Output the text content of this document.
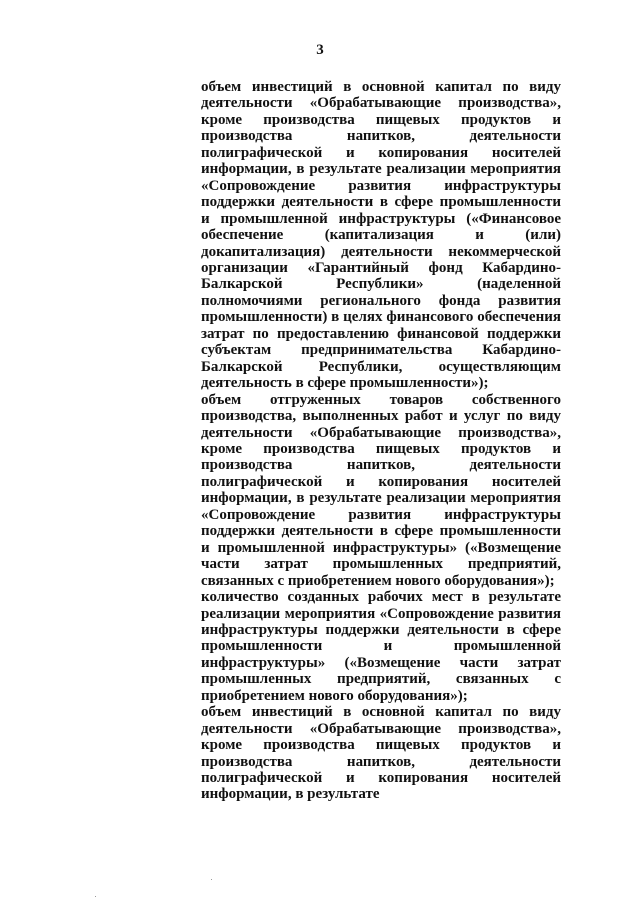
3

объем инвестиций в основной капитал по виду деятельности «Обрабатывающие производства», кроме производства пищевых продуктов и производства напитков, деятельности полиграфической и копирования носителей информации, в результате реализации мероприятия «Сопровождение развития инфраструктуры поддержки деятельности в сфере промышленности и промышленной инфраструктуры («Финансовое обеспечение (капитализация и (или) докапитализация) деятельности некоммерческой организации «Гарантийный фонд Кабардино-Балкарской Республики» (наделенной полномочиями регионального фонда развития промышленности) в целях финансового обеспечения затрат по предоставлению финансовой поддержки субъектам предпринимательства Кабардино-Балкарской Республики, осуществляющим деятельность в сфере промышленности»);

объем отгруженных товаров собственного производства, выполненных работ и услуг по виду деятельности «Обрабатывающие производства», кроме производства пищевых продуктов и производства напитков, деятельности полиграфической и копирования носителей информации, в результате реализации мероприятия «Сопровождение развития инфраструктуры поддержки деятельности в сфере промышленности и промышленной инфраструктуры» («Возмещение части затрат промышленных предприятий, связанных с приобретением нового оборудования»);

количество созданных рабочих мест в результате реализации мероприятия «Сопровождение развития инфраструктуры поддержки деятельности в сфере промышленности и промышленной инфраструктуры» («Возмещение части затрат промышленных предприятий, связанных с приобретением нового оборудования»);

объем инвестиций в основной капитал по виду деятельности «Обрабатывающие производства», кроме производства пищевых продуктов и производства напитков, деятельности полиграфической и копирования носителей информации, в результате
